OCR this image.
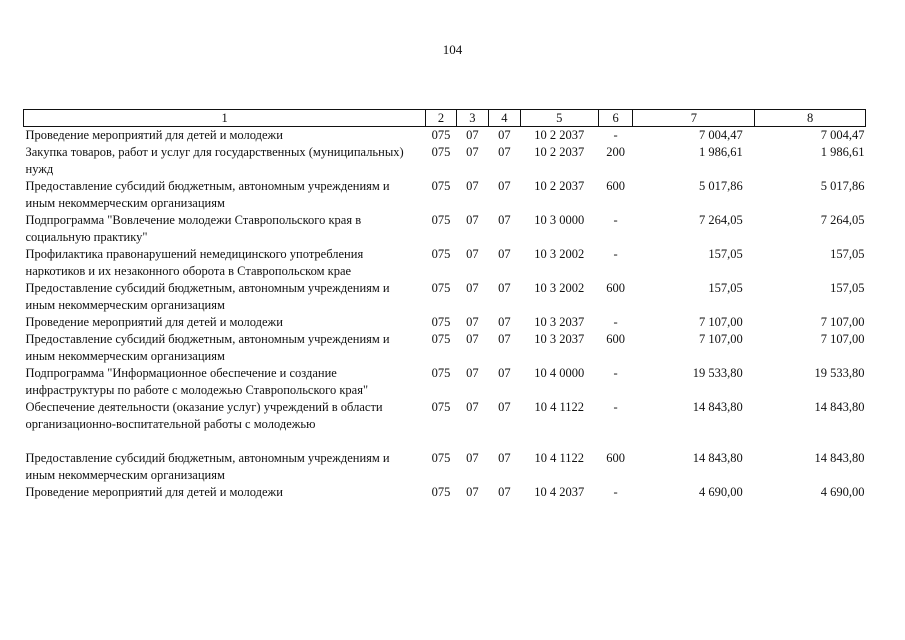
104
1	2	3	4	5	6	7	8
Проведение мероприятий для детей и молодежи	075	07	07	10 2 2037	-	7 004,47	7 004,47
Закупка товаров, работ и услуг для государственных (муниципальных) нужд	075	07	07	10 2 2037	200	1 986,61	1 986,61
Предоставление субсидий бюджетным, автономным учреждениям и иным некоммерческим организациям	075	07	07	10 2 2037	600	5 017,86	5 017,86
Подпрограмма "Вовлечение молодежи Ставропольского края в социальную практику"	075	07	07	10 3 0000	-	7 264,05	7 264,05
Профилактика правонарушений немедицинского употребления наркотиков и их незаконного оборота в Ставропольском крае	075	07	07	10 3 2002	-	157,05	157,05
Предоставление субсидий бюджетным, автономным учреждениям и иным некоммерческим организациям	075	07	07	10 3 2002	600	157,05	157,05
Проведение мероприятий для детей и молодежи	075	07	07	10 3 2037	-	7 107,00	7 107,00
Предоставление субсидий бюджетным, автономным учреждениям и иным некоммерческим организациям	075	07	07	10 3 2037	600	7 107,00	7 107,00
Подпрограмма "Информационное обеспечение и создание инфраструктуры по работе с молодежью Ставропольского края"	075	07	07	10 4 0000	-	19 533,80	19 533,80
Обеспечение деятельности (оказание услуг) учреждений в области организационно-воспитательной работы с молодежью	075	07	07	10 4 1122	-	14 843,80	14 843,80
Предоставление субсидий бюджетным, автономным учреждениям и иным некоммерческим организациям	075	07	07	10 4 1122	600	14 843,80	14 843,80
Проведение мероприятий для детей и молодежи	075	07	07	10 4 2037	-	4 690,00	4 690,00
